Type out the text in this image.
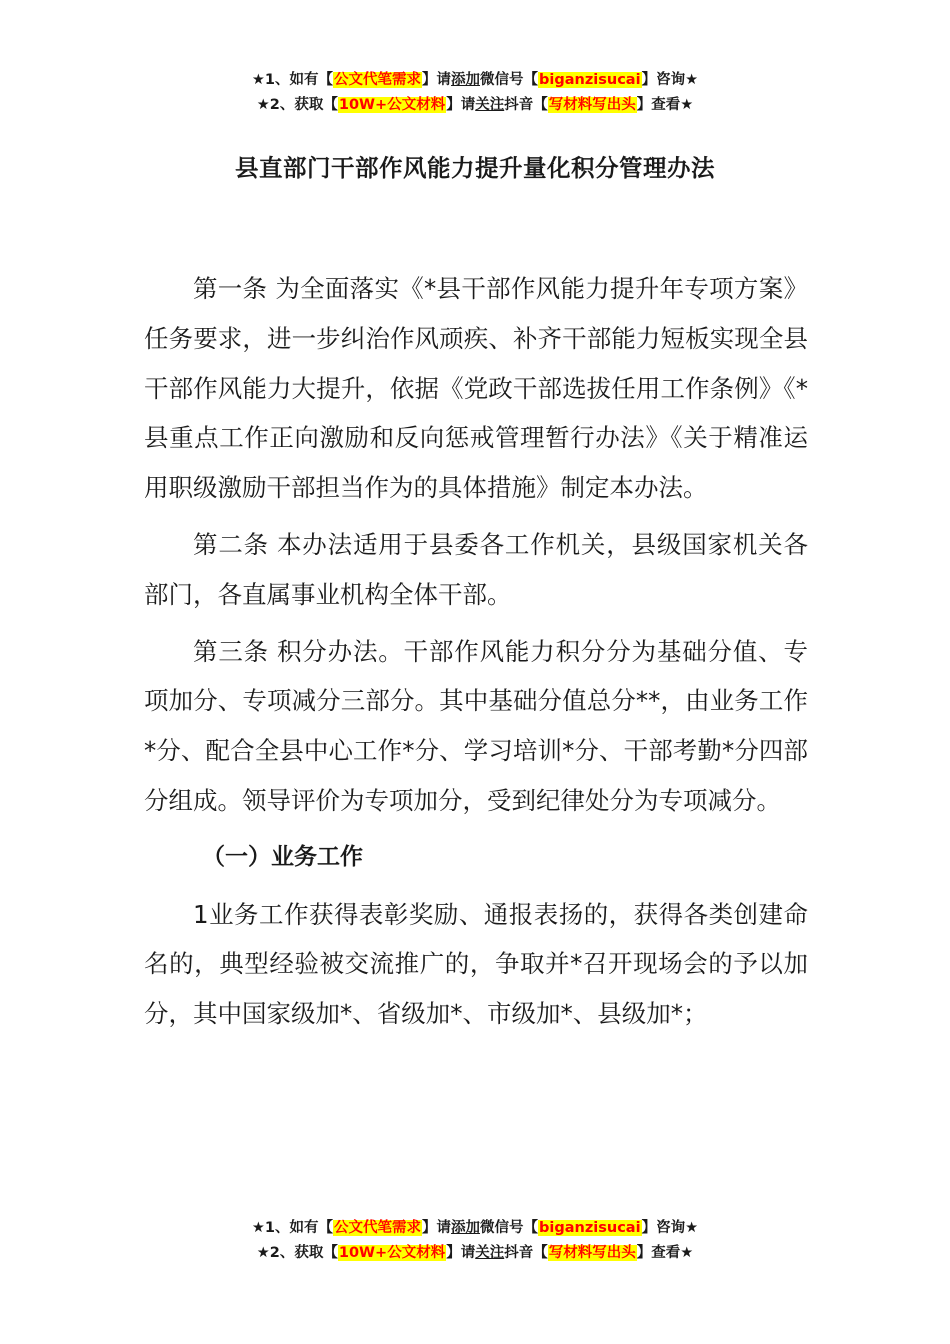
★1、如有【公文代笔需求】请添加微信号【biganzisucai】咨询★
★2、获取【10W+公文材料】请关注抖音【写材料写出头】查看★
县直部门干部作风能力提升量化积分管理办法

第一条 为全面落实《*县干部作风能力提升年专项方案》任务要求，进一步纠治作风顽疾、补齐干部能力短板实现全县干部作风能力大提升，依据《党政干部选拔任用工作条例》《*县重点工作正向激励和反向惩戒管理暂行办法》《关于精准运用职级激励干部担当作为的具体措施》制定本办法。

第二条 本办法适用于县委各工作机关，县级国家机关各部门，各直属事业机构全体干部。

第三条 积分办法。干部作风能力积分分为基础分值、专项加分、专项减分三部分。其中基础分值总分**，由业务工作*分、配合全县中心工作*分、学习培训*分、干部考勤*分四部分组成。领导评价为专项加分，受到纪律处分为专项减分。

（一）业务工作

1业务工作获得表彰奖励、通报表扬的，获得各类创建命名的，典型经验被交流推广的，争取并*召开现场会的予以加分，其中国家级加*、省级加*、市级加*、县级加*；

★1、如有【公文代笔需求】请添加微信号【biganzisucai】咨询★
★2、获取【10W+公文材料】请关注抖音【写材料写出头】查看★
